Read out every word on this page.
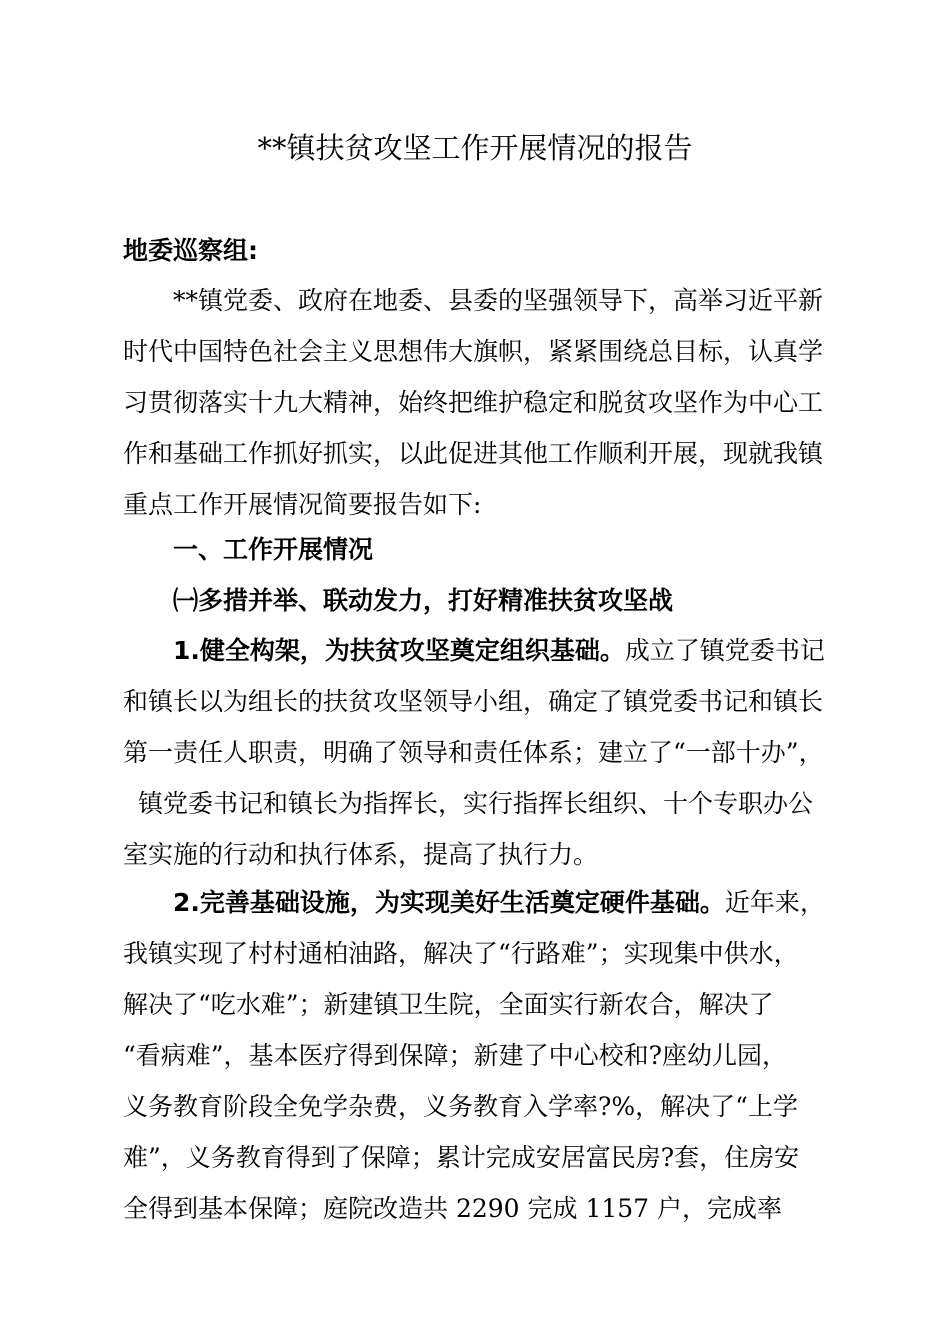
**镇扶贫攻坚工作开展情况的报告
地委巡察组:
**镇党委、政府在地委、县委的坚强领导下，高举习近平新
时代中国特色社会主义思想伟大旗帜，紧紧围绕总目标，认真学
习贯彻落实十九大精神，始终把维护稳定和脱贫攻坚作为中心工
作和基础工作抓好抓实，以此促进其他工作顺利开展，现就我镇
重点工作开展情况简要报告如下:
一、工作开展情况
㈠多措并举、联动发力，打好精准扶贫攻坚战
1.健全构架，为扶贫攻坚奠定组织基础。成立了镇党委书记
和镇长以为组长的扶贫攻坚领导小组，确定了镇党委书记和镇长
第一责任人职责，明确了领导和责任体系；建立了“一部十办”，
镇党委书记和镇长为指挥长，实行指挥长组织、十个专职办公
室实施的行动和执行体系，提高了执行力。
2.完善基础设施，为实现美好生活奠定硬件基础。近年来，
我镇实现了村村通柏油路，解决了“行路难”；实现集中供水，
解决了“吃水难”；新建镇卫生院，全面实行新农合，解决了
“看病难”，基本医疗得到保障；新建了中心校和?座幼儿园，
义务教育阶段全免学杂费，义务教育入学率?%，解决了“上学
难”，义务教育得到了保障；累计完成安居富民房?套，住房安
全得到基本保障；庭院改造共 2290 完成 1157 户，完成率
